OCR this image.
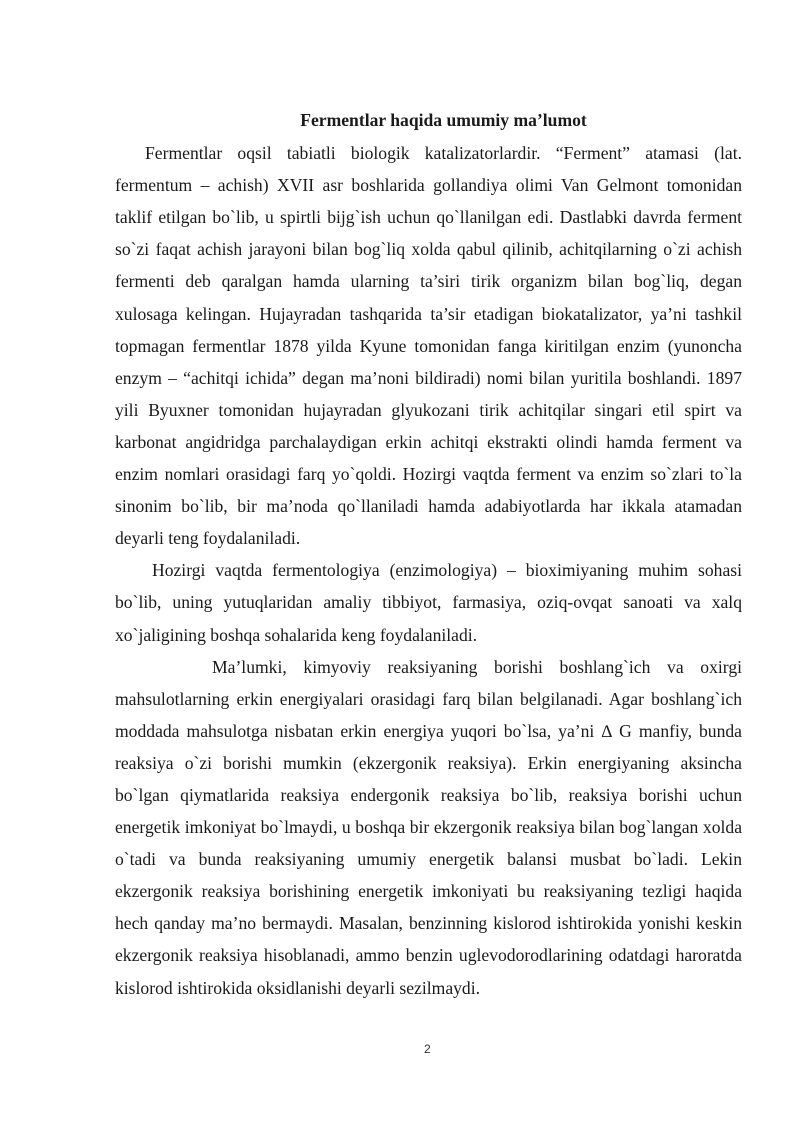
Fermentlar haqida umumiy ma’lumot

Fermentlar oqsil tabiatli biologik katalizatorlardir. “Ferment” atamasi (lat. fermentum – achish) XVII asr boshlarida gollandiya olimi Van Gelmont tomonidan taklif etilgan bo`lib, u spirtli bijg`ish uchun qo`llanilgan edi. Dastlabki davrda ferment so`zi faqat achish jarayoni bilan bog`liq xolda qabul qilinib, achitqilarning o`zi achish fermenti deb qaralgan hamda ularning ta’siri tirik organizm bilan bog`liq, degan xulosaga kelingan. Hujayradan tashqarida ta’sir etadigan biokatalizator, ya’ni tashkil topmagan fermentlar 1878 yilda Kyune tomonidan fanga kiritilgan enzim (yunoncha enzym – “achitqi ichida” degan ma’noni bildiradi) nomi bilan yuritila boshlandi. 1897 yili Byuxner tomonidan hujayradan glyukozani tirik achitqilar singari etil spirt va karbonat angidridga parchalaydigan erkin achitqi ekstrakti olindi hamda ferment va enzim nomlari orasidagi farq yo`qoldi. Hozirgi vaqtda ferment va enzim so`zlari to`la sinonim bo`lib, bir ma’noda qo`llaniladi hamda adabiyotlarda har ikkala atamadan deyarli teng foydalaniladi.

Hozirgi vaqtda fermentologiya (enzimologiya) – bioximiyaning muhim sohasi bo`lib, uning yutuqlaridan amaliy tibbiyot, farmasiya, oziq-ovqat sanoati va xalq xo`jaligining boshqa sohalarida keng foydalaniladi.

Ma’lumki, kimyoviy reaksiyaning borishi boshlang`ich va oxirgi mahsulotlarning erkin energiyalari orasidagi farq bilan belgilanadi. Agar boshlang`ich moddada mahsulotga nisbatan erkin energiya yuqori bo`lsa, ya’ni ∆ G manfiy, bunda reaksiya o`zi borishi mumkin (ekzergonik reaksiya). Erkin energiyaning aksincha bo`lgan qiymatlarida reaksiya endergonik reaksiya bo`lib, reaksiya borishi uchun energetik imkoniyat bo`lmaydi, u boshqa bir ekzergonik reaksiya bilan bog`langan xolda o`tadi va bunda reaksiyaning umumiy energetik balansi musbat bo`ladi. Lekin ekzergonik reaksiya borishining energetik imkoniyati bu reaksiyaning tezligi haqida hech qanday ma’no bermaydi. Masalan, benzinning kislorod ishtirokida yonishi keskin ekzergonik reaksiya hisoblanadi, ammo benzin uglevodorodlarining odatdagi haroratda kislorod ishtirokida oksidlanishi deyarli sezilmaydi.

2
